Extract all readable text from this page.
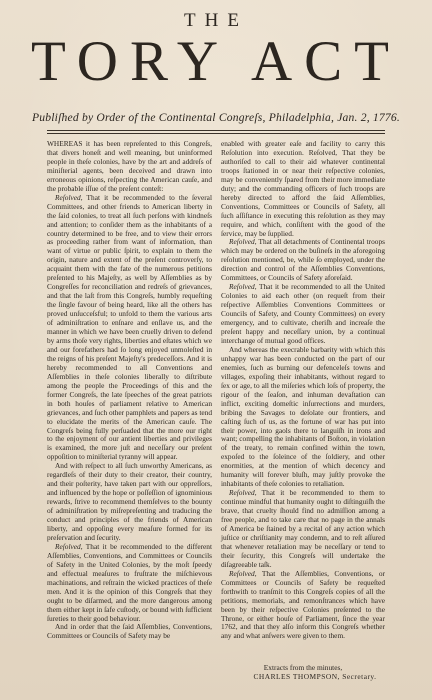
THE
TORY ACT
Publiſhed by Order of the Continental Congreſs, Philadelphia, Jan. 2, 1776.

WHEREAS it has been repreſented to this Congreſs, that divers honeſt and well meaning, but uninformed people in theſe colonies, have by the art and addreſs of miniſterial agents, been deceived and drawn into erroneous opinions, reſpecting the American cauſe, and the probable iſſue of the preſent conteſt:

Reſolved, That it be recommended to the ſeveral Committees, and other friends to American liberty in the ſaid colonies, to treat all ſuch perſons with kindneſs and attention; to conſider them as the inhabitants of a country determined to be free, and to view their errors as proceeding rather from want of information, than want of virtue or public ſpirit, to explain to them the origin, nature and extent of the preſent controverſy, to acquaint them with the fate of the numerous petitions preſented to his Majeſty, as well by Aſſemblies as by Congreſſes for reconciliation and redreſs of grievances, and that the laſt from this Congreſs, humbly requeſting the ſingle favour of being heard, like all the others has proved unſucceſsful; to unfold to them the various arts of adminiſtration to enſnare and enſlave us, and the manner in which we have been cruelly driven to defend by arms thoſe very rights, liberties and eſtates which we and our forefathers had ſo long enjoyed unmoleſted in the reigns of his preſent Majeſty's predeceſſors. And it is hereby recommended to all Conventions and Aſſemblies in theſe colonies liberally to diſtribute among the people the Proceedings of this and the former Congreſs, the late ſpeeches of the great patriots in both houſes of parliament relative to American grievances, and ſuch other pamphlets and papers as tend to elucidate the merits of the American cauſe. The Congreſs being fully perſuaded that the more our right to the enjoyment of our antient liberties and privileges is examined, the more juſt and neceſſary our preſent oppoſition to miniſterial tyranny will appear.

And with reſpect to all ſuch unworthy Americans, as regardleſs of their duty to their creator, their country, and their poſterity, have taken part with our oppreſſors, and influenced by the hope or poſſeſſion of ignominious rewards, ſtrive to recommend themſelves to the bounty of adminiſtration by miſrepreſenting and traducing the conduct and principles of the friends of American liberty, and oppoſing every meaſure formed for its preſervation and ſecurity.

Reſolved, That it be recommended to the different Aſſemblies, Conventions, and Committees or Councils of Safety in the United Colonies, by the moſt ſpeedy and effectual meaſures to fruſtrate the miſchievous machinations, and reſtrain the wicked practices of theſe men. And it is the opinion of this Congreſs that they ought to be diſarmed, and the more dangerous among them either kept in ſafe cuſtody, or bound with ſufficient ſureties to their good behaviour.

And in order that the ſaid Aſſemblies, Conventions, Committees or Councils of Safety may be

enabled with greater eaſe and facility to carry this Reſolution into execution. Reſolved, That they be authoriſed to call to their aid whatever continental troops ſtationed in or near their reſpective colonies, may be conveniently ſpared from their more immediate duty; and the commanding officers of ſuch troops are hereby directed to afford the ſaid Aſſemblies, Conventions, Committees or Councils of Safety, all ſuch aſſiſtance in executing this reſolution as they may require, and which, conſiſtent with the good of the ſervice, may be ſupplied.

Reſolved, That all detachments of Continental troops which may be ordered on the buſineſs in the aforegoing reſolution mentioned, be, while ſo employed, under the direction and control of the Aſſemblies Conventions, Committees, or Councils of Safety aforeſaid.

Reſolved, That it be recommended to all the United Colonies to aid each other (on requeſt from their reſpective Aſſemblies Conventions Committees or Councils of Safety, and County Committees) on every emergency, and to cultivate, cheriſh and increaſe the preſent happy and neceſſary union, by a continual interchange of mutual good offices.

And whereas the execrable barbarity with which this unhappy war has been conducted on the part of our enemies, ſuch as burning our defenceleſs towns and villages, expoſing their inhabitants, without regard to ſex or age, to all the miſeries which loſs of property, the rigour of the ſeaſon, and inhuman devaſtation can inflict, exciting domeſtic inſurrections and murders, bribing the Savages to deſolate our frontiers, and caſting ſuch of us, as the fortune of war has put into their power, into gaols there to languiſh in irons and want; compelling the inhabitants of Boſton, in violation of the treaty, to remain confined within the town, expoſed to the ſoleince of the ſoldiery, and other enormities, at the mention of which decency and humanity will forever bluſh, may juſtly provoke the inhabitants of theſe colonies to retaliation.

Reſolved, That it be recommended to them to continue mindful that humanity ought to diſtinguiſh the brave, that cruelty ſhould find no admiſſion among a free people, and to take care that no page in the annals of America be ſtained by a recital of any action which juſtice or chriſtianity may condemn, and to reſt aſſured that whenever retaliation may be neceſſary or tend to their ſecurity, this Congreſs will undertake the diſagreeable taſk.

Reſolved, That the Aſſemblies, Conventions, or Committees or Councils of Safety be requeſted forthwith to tranſmit to this Congreſs copies of all the petitions, memorials, and remonſtrances which have been by their reſpective Colonies preſented to the Throne, or either houſe of Parliament, ſince the year 1762, and that they alſo inform this Congreſs whether any and what anſwers were given to them.

Extracts from the minutes,
CHARLES THOMPSON, Secretary.
